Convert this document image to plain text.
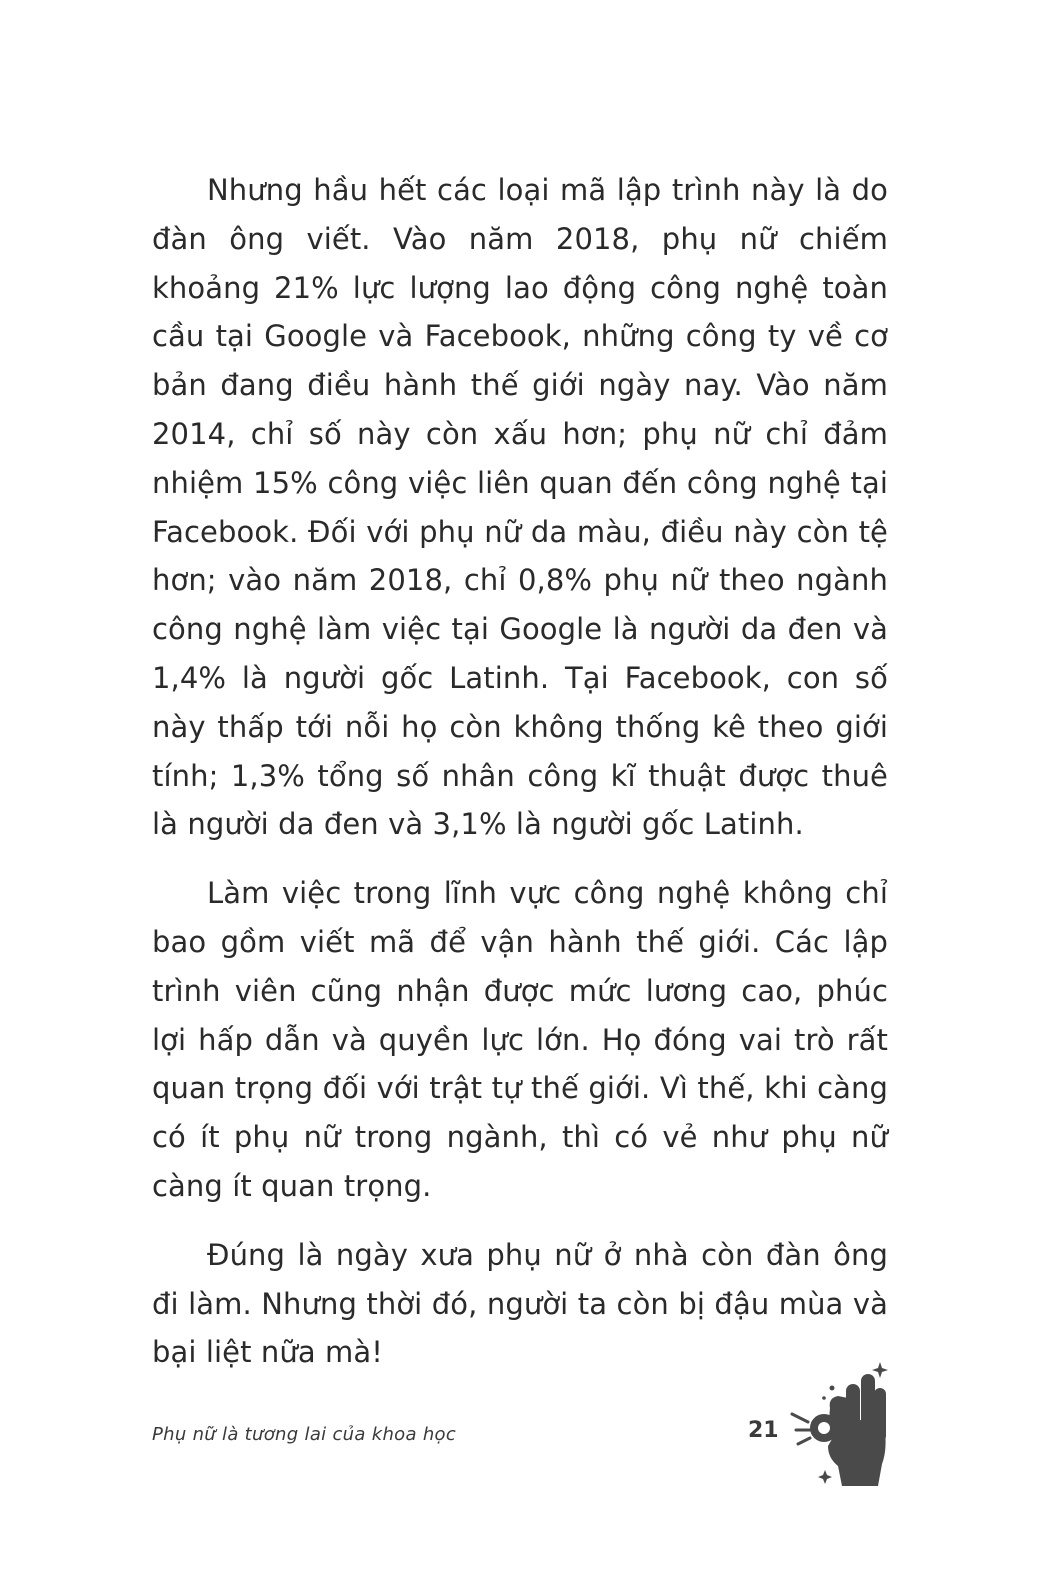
Nhưng hầu hết các loại mã lập trình này là do đàn ông viết. Vào năm 2018, phụ nữ chiếm khoảng 21% lực lượng lao động công nghệ toàn cầu tại Google và Facebook, những công ty về cơ bản đang điều hành thế giới ngày nay. Vào năm 2014, chỉ số này còn xấu hơn; phụ nữ chỉ đảm nhiệm 15% công việc liên quan đến công nghệ tại Facebook. Đối với phụ nữ da màu, điều này còn tệ hơn; vào năm 2018, chỉ 0,8% phụ nữ theo ngành công nghệ làm việc tại Google là người da đen và 1,4% là người gốc Latinh. Tại Facebook, con số này thấp tới nỗi họ còn không thống kê theo giới tính; 1,3% tổng số nhân công kĩ thuật được thuê là người da đen và 3,1% là người gốc Latinh.

Làm việc trong lĩnh vực công nghệ không chỉ bao gồm viết mã để vận hành thế giới. Các lập trình viên cũng nhận được mức lương cao, phúc lợi hấp dẫn và quyền lực lớn. Họ đóng vai trò rất quan trọng đối với trật tự thế giới. Vì thế, khi càng có ít phụ nữ trong ngành, thì có vẻ như phụ nữ càng ít quan trọng.

Đúng là ngày xưa phụ nữ ở nhà còn đàn ông đi làm. Nhưng thời đó, người ta còn bị đậu mùa và bại liệt nữa mà!

Phụ nữ là tương lai của khoa học	21
